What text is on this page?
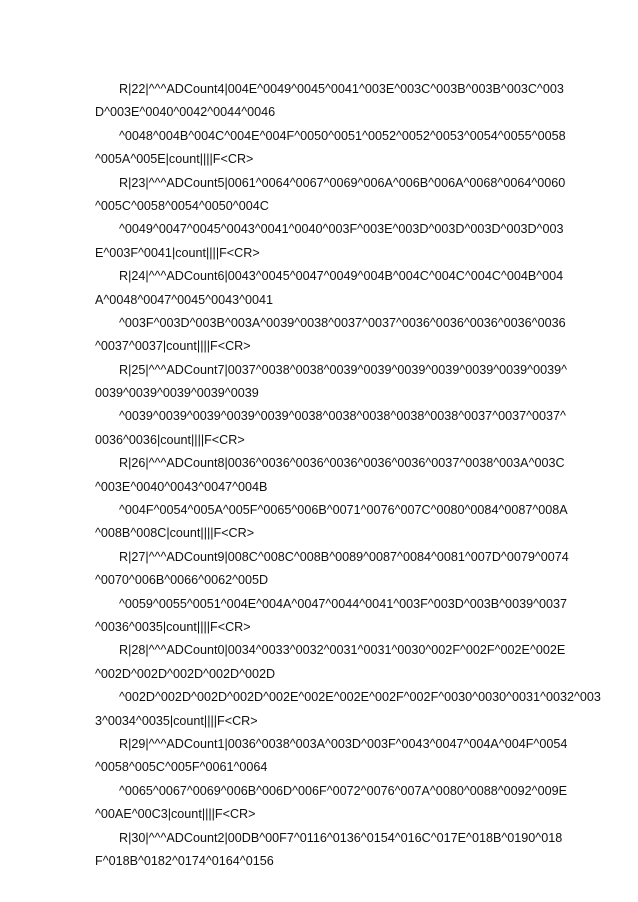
R|22|^^^ADCount4|004E^0049^0045^0041^003E^003C^003B^003B^003C^003
D^003E^0040^0042^0044^0046
^0048^004B^004C^004E^004F^0050^0051^0052^0052^0053^0054^0055^0058
^005A^005E|count||||F<CR>
R|23|^^^ADCount5|0061^0064^0067^0069^006A^006B^006A^0068^0064^0060
^005C^0058^0054^0050^004C
^0049^0047^0045^0043^0041^0040^003F^003E^003D^003D^003D^003D^003
E^003F^0041|count||||F<CR>
R|24|^^^ADCount6|0043^0045^0047^0049^004B^004C^004C^004C^004B^004
A^0048^0047^0045^0043^0041
^003F^003D^003B^003A^0039^0038^0037^0037^0036^0036^0036^0036^0036
^0037^0037|count||||F<CR>
R|25|^^^ADCount7|0037^0038^0038^0039^0039^0039^0039^0039^0039^0039^
0039^0039^0039^0039^0039
^0039^0039^0039^0039^0039^0038^0038^0038^0038^0038^0037^0037^0037^
0036^0036|count||||F<CR>
R|26|^^^ADCount8|0036^0036^0036^0036^0036^0036^0037^0038^003A^003C
^003E^0040^0043^0047^004B
^004F^0054^005A^005F^0065^006B^0071^0076^007C^0080^0084^0087^008A
^008B^008C|count||||F<CR>
R|27|^^^ADCount9|008C^008C^008B^0089^0087^0084^0081^007D^0079^0074
^0070^006B^0066^0062^005D
^0059^0055^0051^004E^004A^0047^0044^0041^003F^003D^003B^0039^0037
^0036^0035|count||||F<CR>
R|28|^^^ADCount0|0034^0033^0032^0031^0031^0030^002F^002F^002E^002E
^002D^002D^002D^002D^002D
^002D^002D^002D^002D^002E^002E^002E^002F^002F^0030^0030^0031^0032^003
3^0034^0035|count||||F<CR>
R|29|^^^ADCount1|0036^0038^003A^003D^003F^0043^0047^004A^004F^0054
^0058^005C^005F^0061^0064
^0065^0067^0069^006B^006D^006F^0072^0076^007A^0080^0088^0092^009E
^00AE^00C3|count||||F<CR>
R|30|^^^ADCount2|00DB^00F7^0116^0136^0154^016C^017E^018B^0190^018
F^018B^0182^0174^0164^0156
